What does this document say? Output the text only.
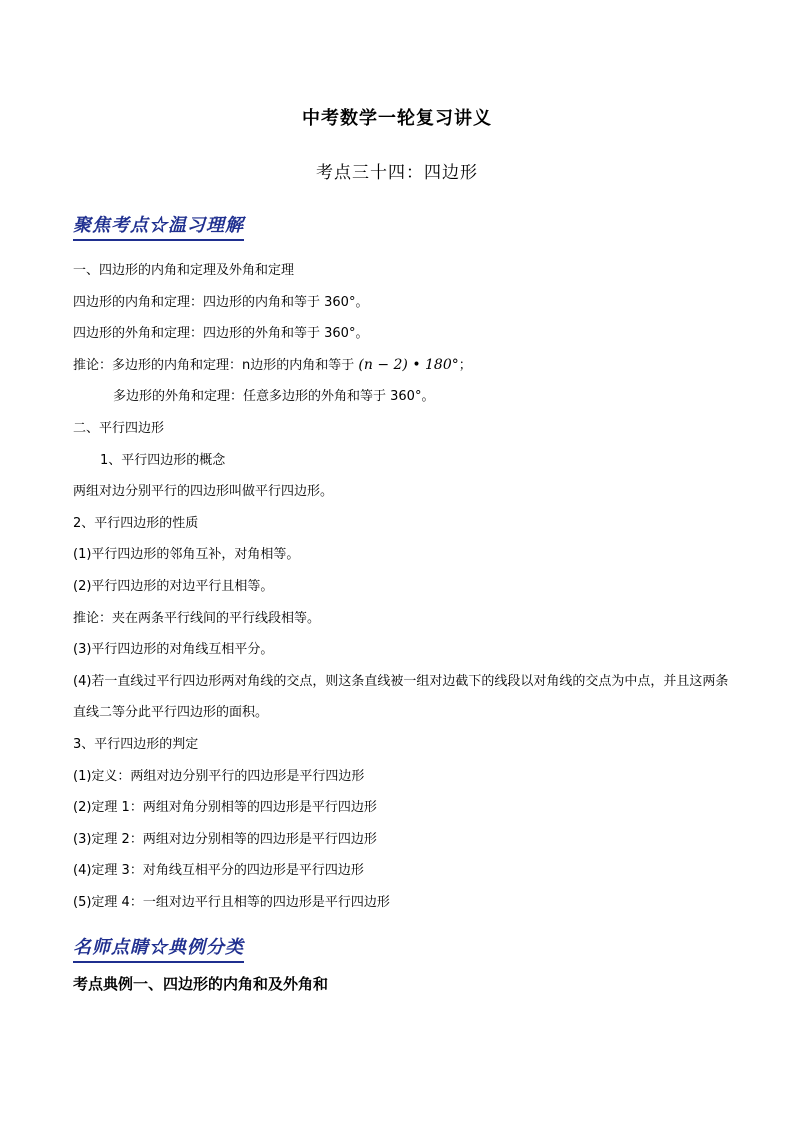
中考数学一轮复习讲义
考点三十四：四边形
聚焦考点☆温习理解
一、四边形的内角和定理及外角和定理
四边形的内角和定理：四边形的内角和等于 360°。
四边形的外角和定理：四边形的外角和等于 360°。
推论：多边形的内角和定理：n边形的内角和等于 (n − 2) • 180°；
多边形的外角和定理：任意多边形的外角和等于 360°。
二、平行四边形
1、平行四边形的概念
两组对边分别平行的四边形叫做平行四边形。
2、平行四边形的性质
(1)平行四边形的邻角互补，对角相等。
(2)平行四边形的对边平行且相等。
推论：夹在两条平行线间的平行线段相等。
(3)平行四边形的对角线互相平分。
(4)若一直线过平行四边形两对角线的交点，则这条直线被一组对边截下的线段以对角线的交点为中点，并且这两条直线二等分此平行四边形的面积。
3、平行四边形的判定
(1)定义：两组对边分别平行的四边形是平行四边形
(2)定理 1：两组对角分别相等的四边形是平行四边形
(3)定理 2：两组对边分别相等的四边形是平行四边形
(4)定理 3：对角线互相平分的四边形是平行四边形
(5)定理 4：一组对边平行且相等的四边形是平行四边形
名师点睛☆典例分类
考点典例一、四边形的内角和及外角和
